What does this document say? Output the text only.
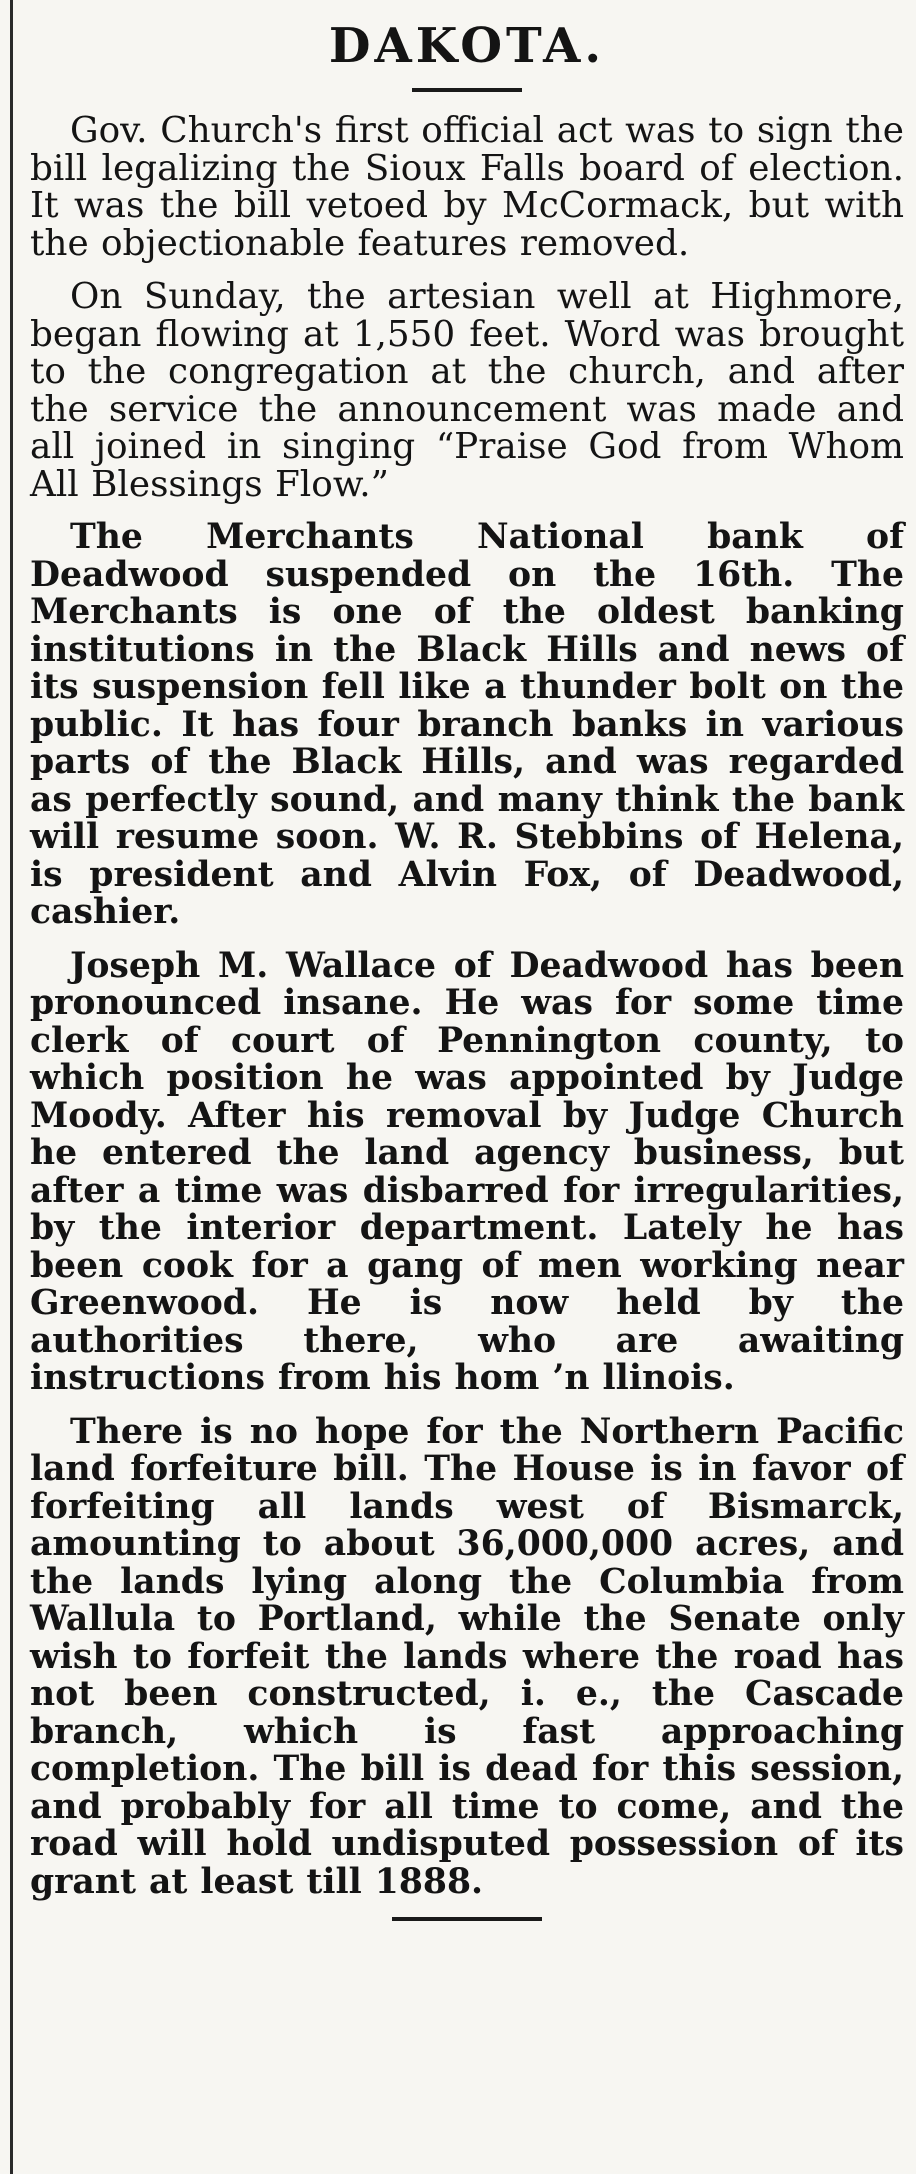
DAKOTA.

Gov. Church's first official act was to sign the bill legalizing the Sioux Falls board of election. It was the bill vetoed by McCormack, but with the objectionable features removed.

On Sunday, the artesian well at Highmore, began flowing at 1,550 feet. Word was brought to the congregation at the church, and after the service the announcement was made and all joined in singing “Praise God from Whom All Blessings Flow.”

The Merchants National bank of Deadwood suspended on the 16th. The Merchants is one of the oldest banking institutions in the Black Hills and news of its suspension fell like a thunder bolt on the public. It has four branch banks in various parts of the Black Hills, and was regarded as perfectly sound, and many think the bank will resume soon. W. R. Stebbins of Helena, is president and Alvin Fox, of Deadwood, cashier.

Joseph M. Wallace of Deadwood has been pronounced insane. He was for some time clerk of court of Pennington county, to which position he was appointed by Judge Moody. After his removal by Judge Church he entered the land agency business, but after a time was disbarred for irregularities, by the interior department. Lately he has been cook for a gang of men working near Greenwood. He is now held by the authorities there, who are awaiting instructions from his hom ’n llinois.

There is no hope for the Northern Pacific land forfeiture bill. The House is in favor of forfeiting all lands west of Bismarck, amounting to about 36,000,000 acres, and the lands lying along the Columbia from Wallula to Portland, while the Senate only wish to forfeit the lands where the road has not been constructed, i. e., the Cascade branch, which is fast approaching completion. The bill is dead for this session, and probably for all time to come, and the road will hold undisputed possession of its grant at least till 1888.
